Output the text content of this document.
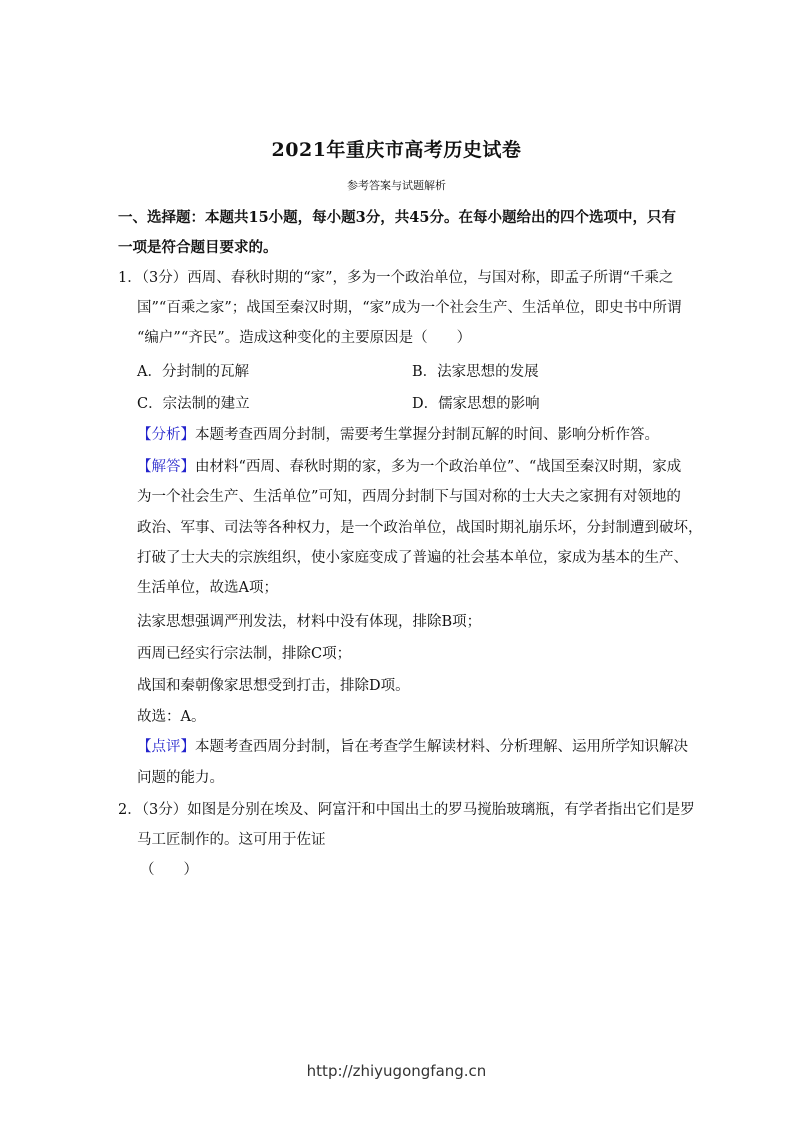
2021年重庆市高考历史试卷
参考答案与试题解析
一、选择题：本题共15小题，每小题3分，共45分。在每小题给出的四个选项中，只有
一项是符合题目要求的。
1．（3分）西周、春秋时期的“家”，多为一个政治单位，与国对称，即孟子所谓“千乘之
国”“百乘之家”；战国至秦汉时期，“家”成为一个社会生产、生活单位，即史书中所谓
“编户”“齐民”。造成这种变化的主要原因是（　　）
A．分封制的瓦解	B．法家思想的发展
C．宗法制的建立	D．儒家思想的影响
【分析】本题考查西周分封制，需要考生掌握分封制瓦解的时间、影响分析作答。
【解答】由材料“西周、春秋时期的家，多为一个政治单位”、“战国至秦汉时期，家成
为一个社会生产、生活单位”可知，西周分封制下与国对称的士大夫之家拥有对领地的
政治、军事、司法等各种权力，是一个政治单位，战国时期礼崩乐坏，分封制遭到破坏，
打破了士大夫的宗族组织，使小家庭变成了普遍的社会基本单位，家成为基本的生产、
生活单位，故选A项；
法家思想强调严刑发法，材料中没有体现，排除B项；
西周已经实行宗法制，排除C项；
战国和秦朝像家思想受到打击，排除D项。
故选：A。
【点评】本题考查西周分封制，旨在考查学生解读材料、分析理解、运用所学知识解决
问题的能力。
2．（3分）如图是分别在埃及、阿富汗和中国出土的罗马搅胎玻璃瓶，有学者指出它们是罗
马工匠制作的。这可用于佐证
（　　）
http://zhiyugongfang.cn
